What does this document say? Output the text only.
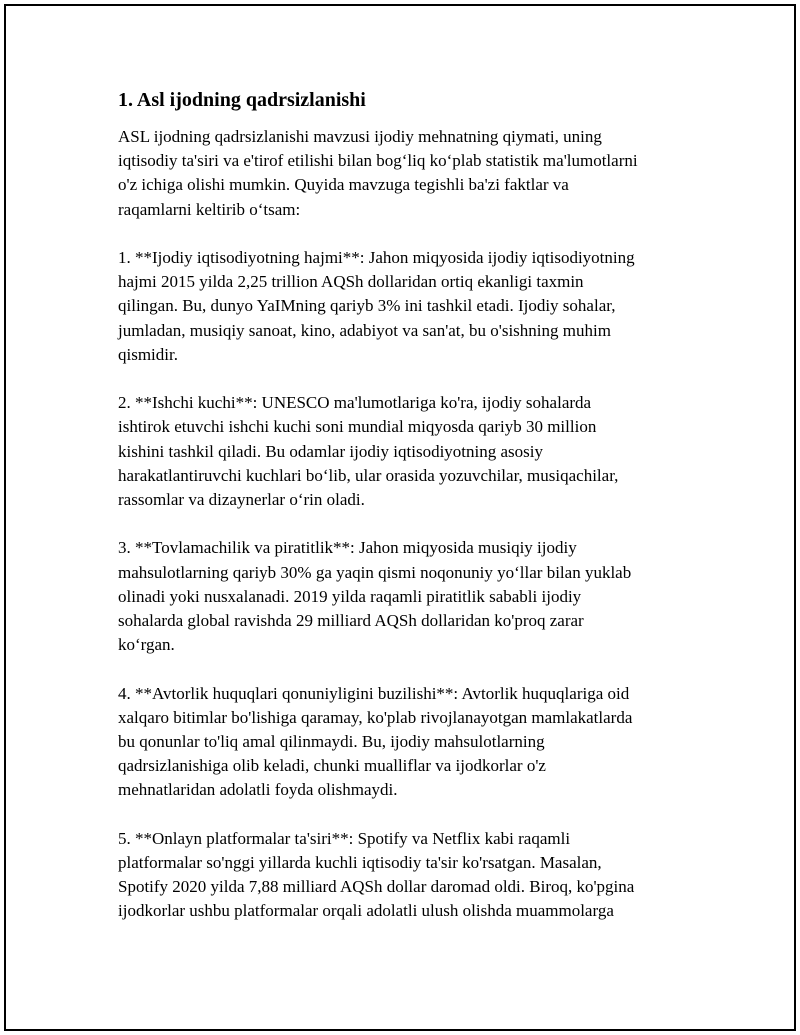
1. Asl ijodning qadrsizlanishi

ASL ijodning qadrsizlanishi mavzusi ijodiy mehnatning qiymati, uning
iqtisodiy ta'siri va e'tirof etilishi bilan bog‘liq ko‘plab statistik ma'lumotlarni
o'z ichiga olishi mumkin. Quyida mavzuga tegishli ba'zi faktlar va
raqamlarni keltirib o‘tsam:

1. **Ijodiy iqtisodiyotning hajmi**: Jahon miqyosida ijodiy iqtisodiyotning
hajmi 2015 yilda 2,25 trillion AQSh dollaridan ortiq ekanligi taxmin
qilingan. Bu, dunyo YaIMning qariyb 3% ini tashkil etadi. Ijodiy sohalar,
jumladan, musiqiy sanoat, kino, adabiyot va san'at, bu o'sishning muhim
qismidir.

2. **Ishchi kuchi**: UNESCO ma'lumotlariga ko'ra, ijodiy sohalarda
ishtirok etuvchi ishchi kuchi soni mundial miqyosda qariyb 30 million
kishini tashkil qiladi. Bu odamlar ijodiy iqtisodiyotning asosiy
harakatlantiruvchi kuchlari bo‘lib, ular orasida yozuvchilar, musiqachilar,
rassomlar va dizaynerlar o‘rin oladi.

3. **Tovlamachilik va piratitlik**: Jahon miqyosida musiqiy ijodiy
mahsulotlarning qariyb 30% ga yaqin qismi noqonuniy yo‘llar bilan yuklab
olinadi yoki nusxalanadi. 2019 yilda raqamli piratitlik sababli ijodiy
sohalarda global ravishda 29 milliard AQSh dollaridan ko'proq zarar
ko‘rgan.

4. **Avtorlik huquqlari qonuniyligini buzilishi**: Avtorlik huquqlariga oid
xalqaro bitimlar bo'lishiga qaramay, ko'plab rivojlanayotgan mamlakatlarda
bu qonunlar to'liq amal qilinmaydi. Bu, ijodiy mahsulotlarning
qadrsizlanishiga olib keladi, chunki mualliflar va ijodkorlar o'z
mehnatlaridan adolatli foyda olishmaydi.

5. **Onlayn platformalar ta'siri**: Spotify va Netflix kabi raqamli
platformalar so'nggi yillarda kuchli iqtisodiy ta'sir ko'rsatgan. Masalan,
Spotify 2020 yilda 7,88 milliard AQSh dollar daromad oldi. Biroq, ko'pgina
ijodkorlar ushbu platformalar orqali adolatli ulush olishda muammolarga
